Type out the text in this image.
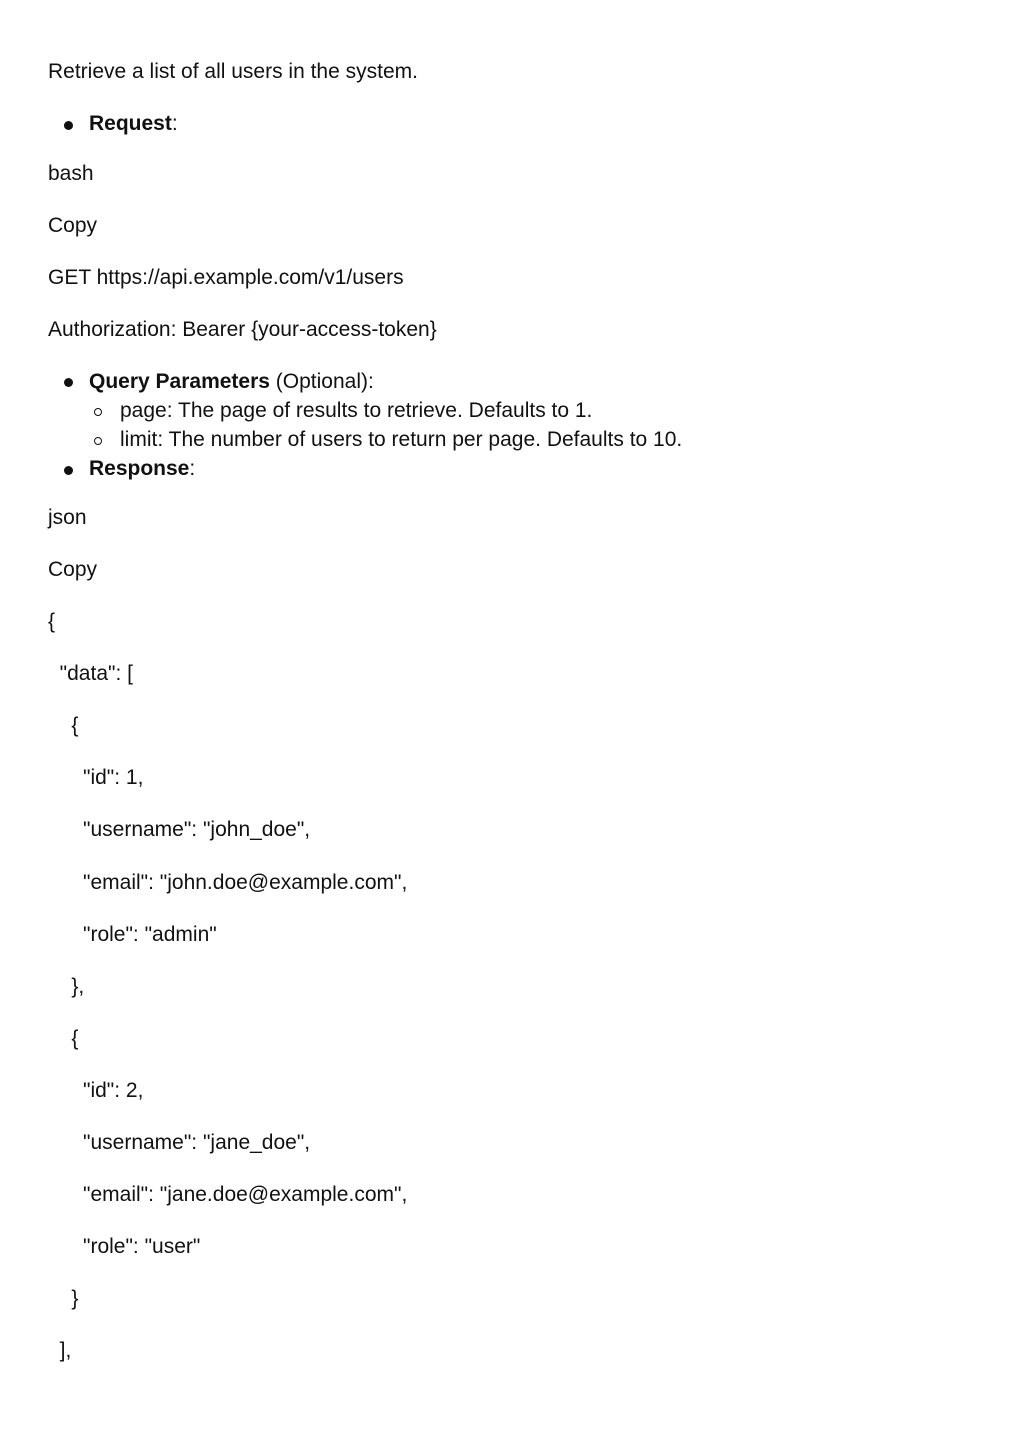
Retrieve a list of all users in the system.
Request:
bash
Copy
GET https://api.example.com/v1/users
Authorization: Bearer {your-access-token}
Query Parameters (Optional):
page: The page of results to retrieve. Defaults to 1.
limit: The number of users to return per page. Defaults to 10.
Response:
json
Copy
{
"data": [
{
"id": 1,
"username": "john_doe",
"email": "john.doe@example.com",
"role": "admin"
},
{
"id": 2,
"username": "jane_doe",
"email": "jane.doe@example.com",
"role": "user"
}
],
